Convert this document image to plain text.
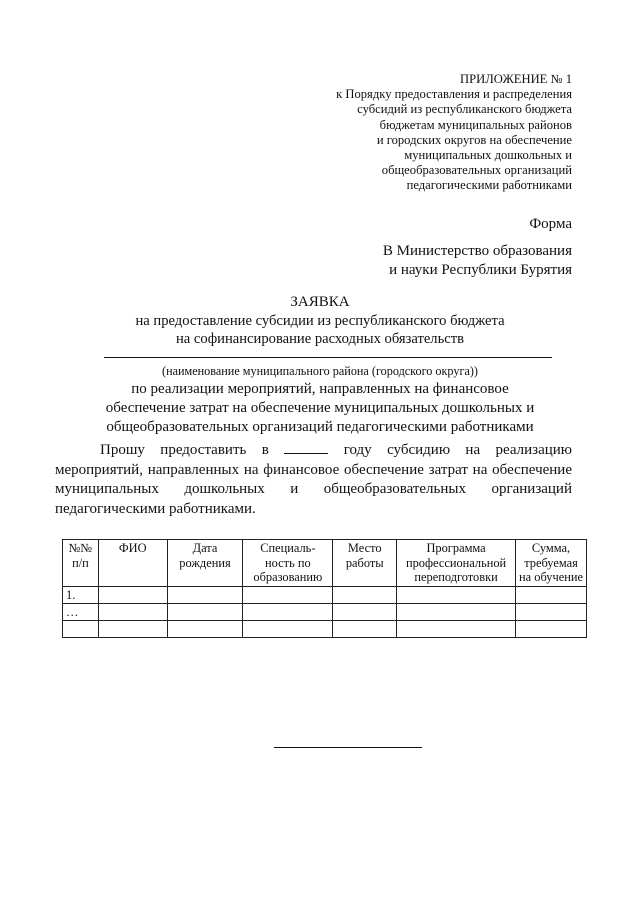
ПРИЛОЖЕНИЕ № 1
к Порядку предоставления и распределения
субсидий из республиканского бюджета
бюджетам муниципальных районов
и городских округов на обеспечение
муниципальных дошкольных и
общеобразовательных организаций
педагогическими работниками
Форма
В Министерство образования
и науки Республики Бурятия
ЗАЯВКА
на предоставление субсидии из республиканского бюджета
на софинансирование расходных обязательств
(наименование муниципального района (городского округа))
по реализации мероприятий, направленных на финансовое
обеспечение затрат на обеспечение муниципальных дошкольных и
общеобразовательных организаций педагогическими работниками
Прошу предоставить в	году субсидию на реализацию мероприятий, направленных на финансовое обеспечение затрат на обеспечение муниципальных дошкольных и общеобразовательных организаций педагогическими работниками.
№№ п/п	ФИО	Дата рождения	Специаль-ность по образованию	Место работы	Программа профессиональной переподготовки	Сумма, требуемая на обучение
1.						
…						
